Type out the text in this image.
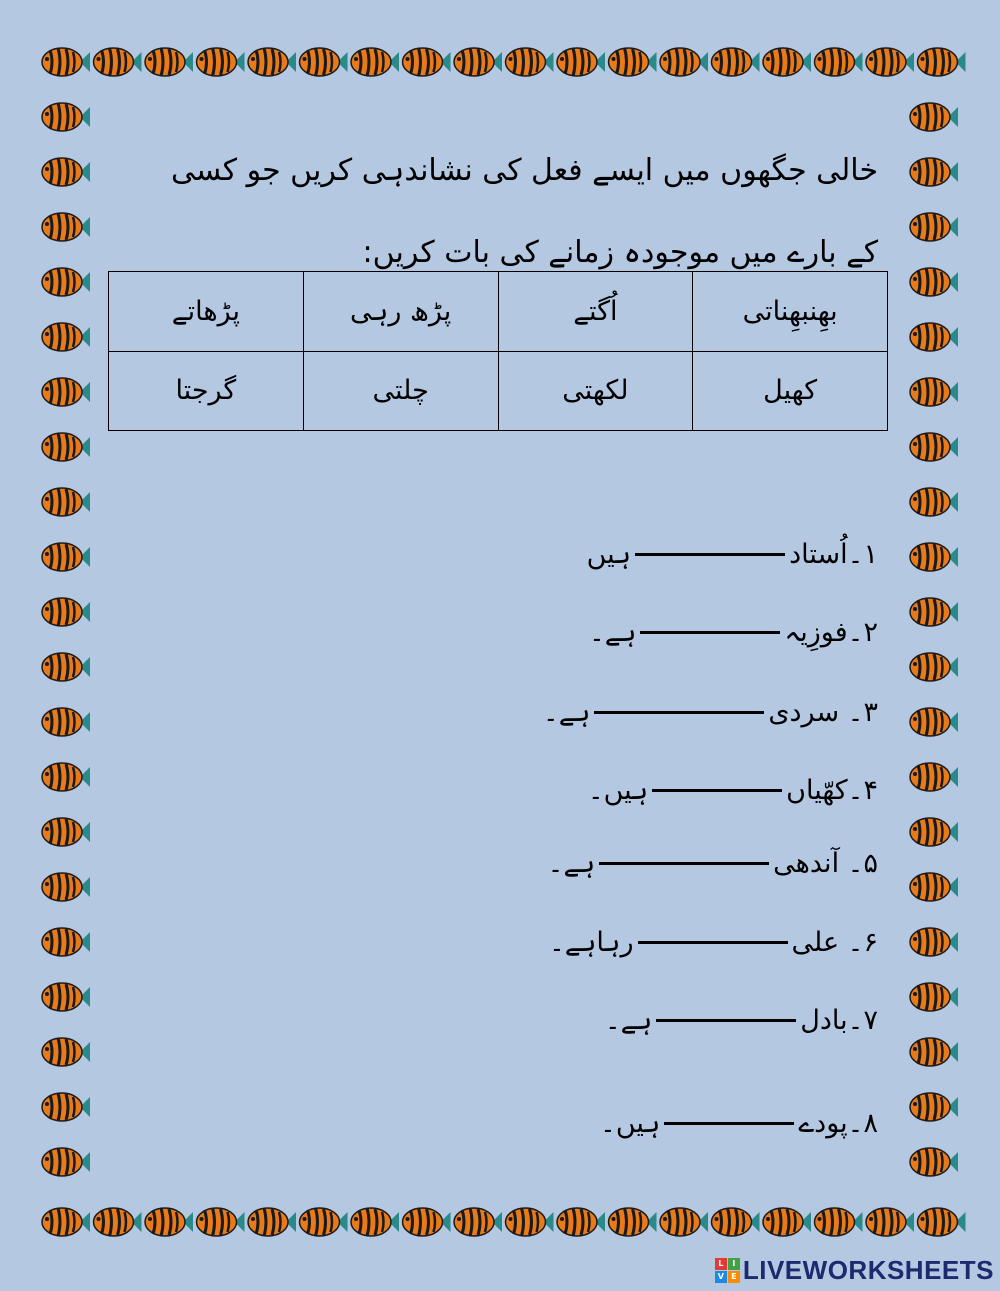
خالی جگھوں میں ایسے فعل کی نشاندہی کریں جو کسی کے بارے میں موجودہ زمانے کی بات کریں:

بھِنبھِناتی	اُگتے	پڑھ رہی	پڑھاتے
کھیل	لکھتی	چلتی	گرجتا
۱۔اُستادہیں
۲۔فوزِیہہے۔
۳۔ سردیہے۔
۴۔کھّیاںہیں۔
۵۔ آندھیہے۔
۶۔ علیرہاہے۔
۷۔بادلہے۔
۸۔پودےہیں۔
L	I
V E LIVEWORKSHEETS
